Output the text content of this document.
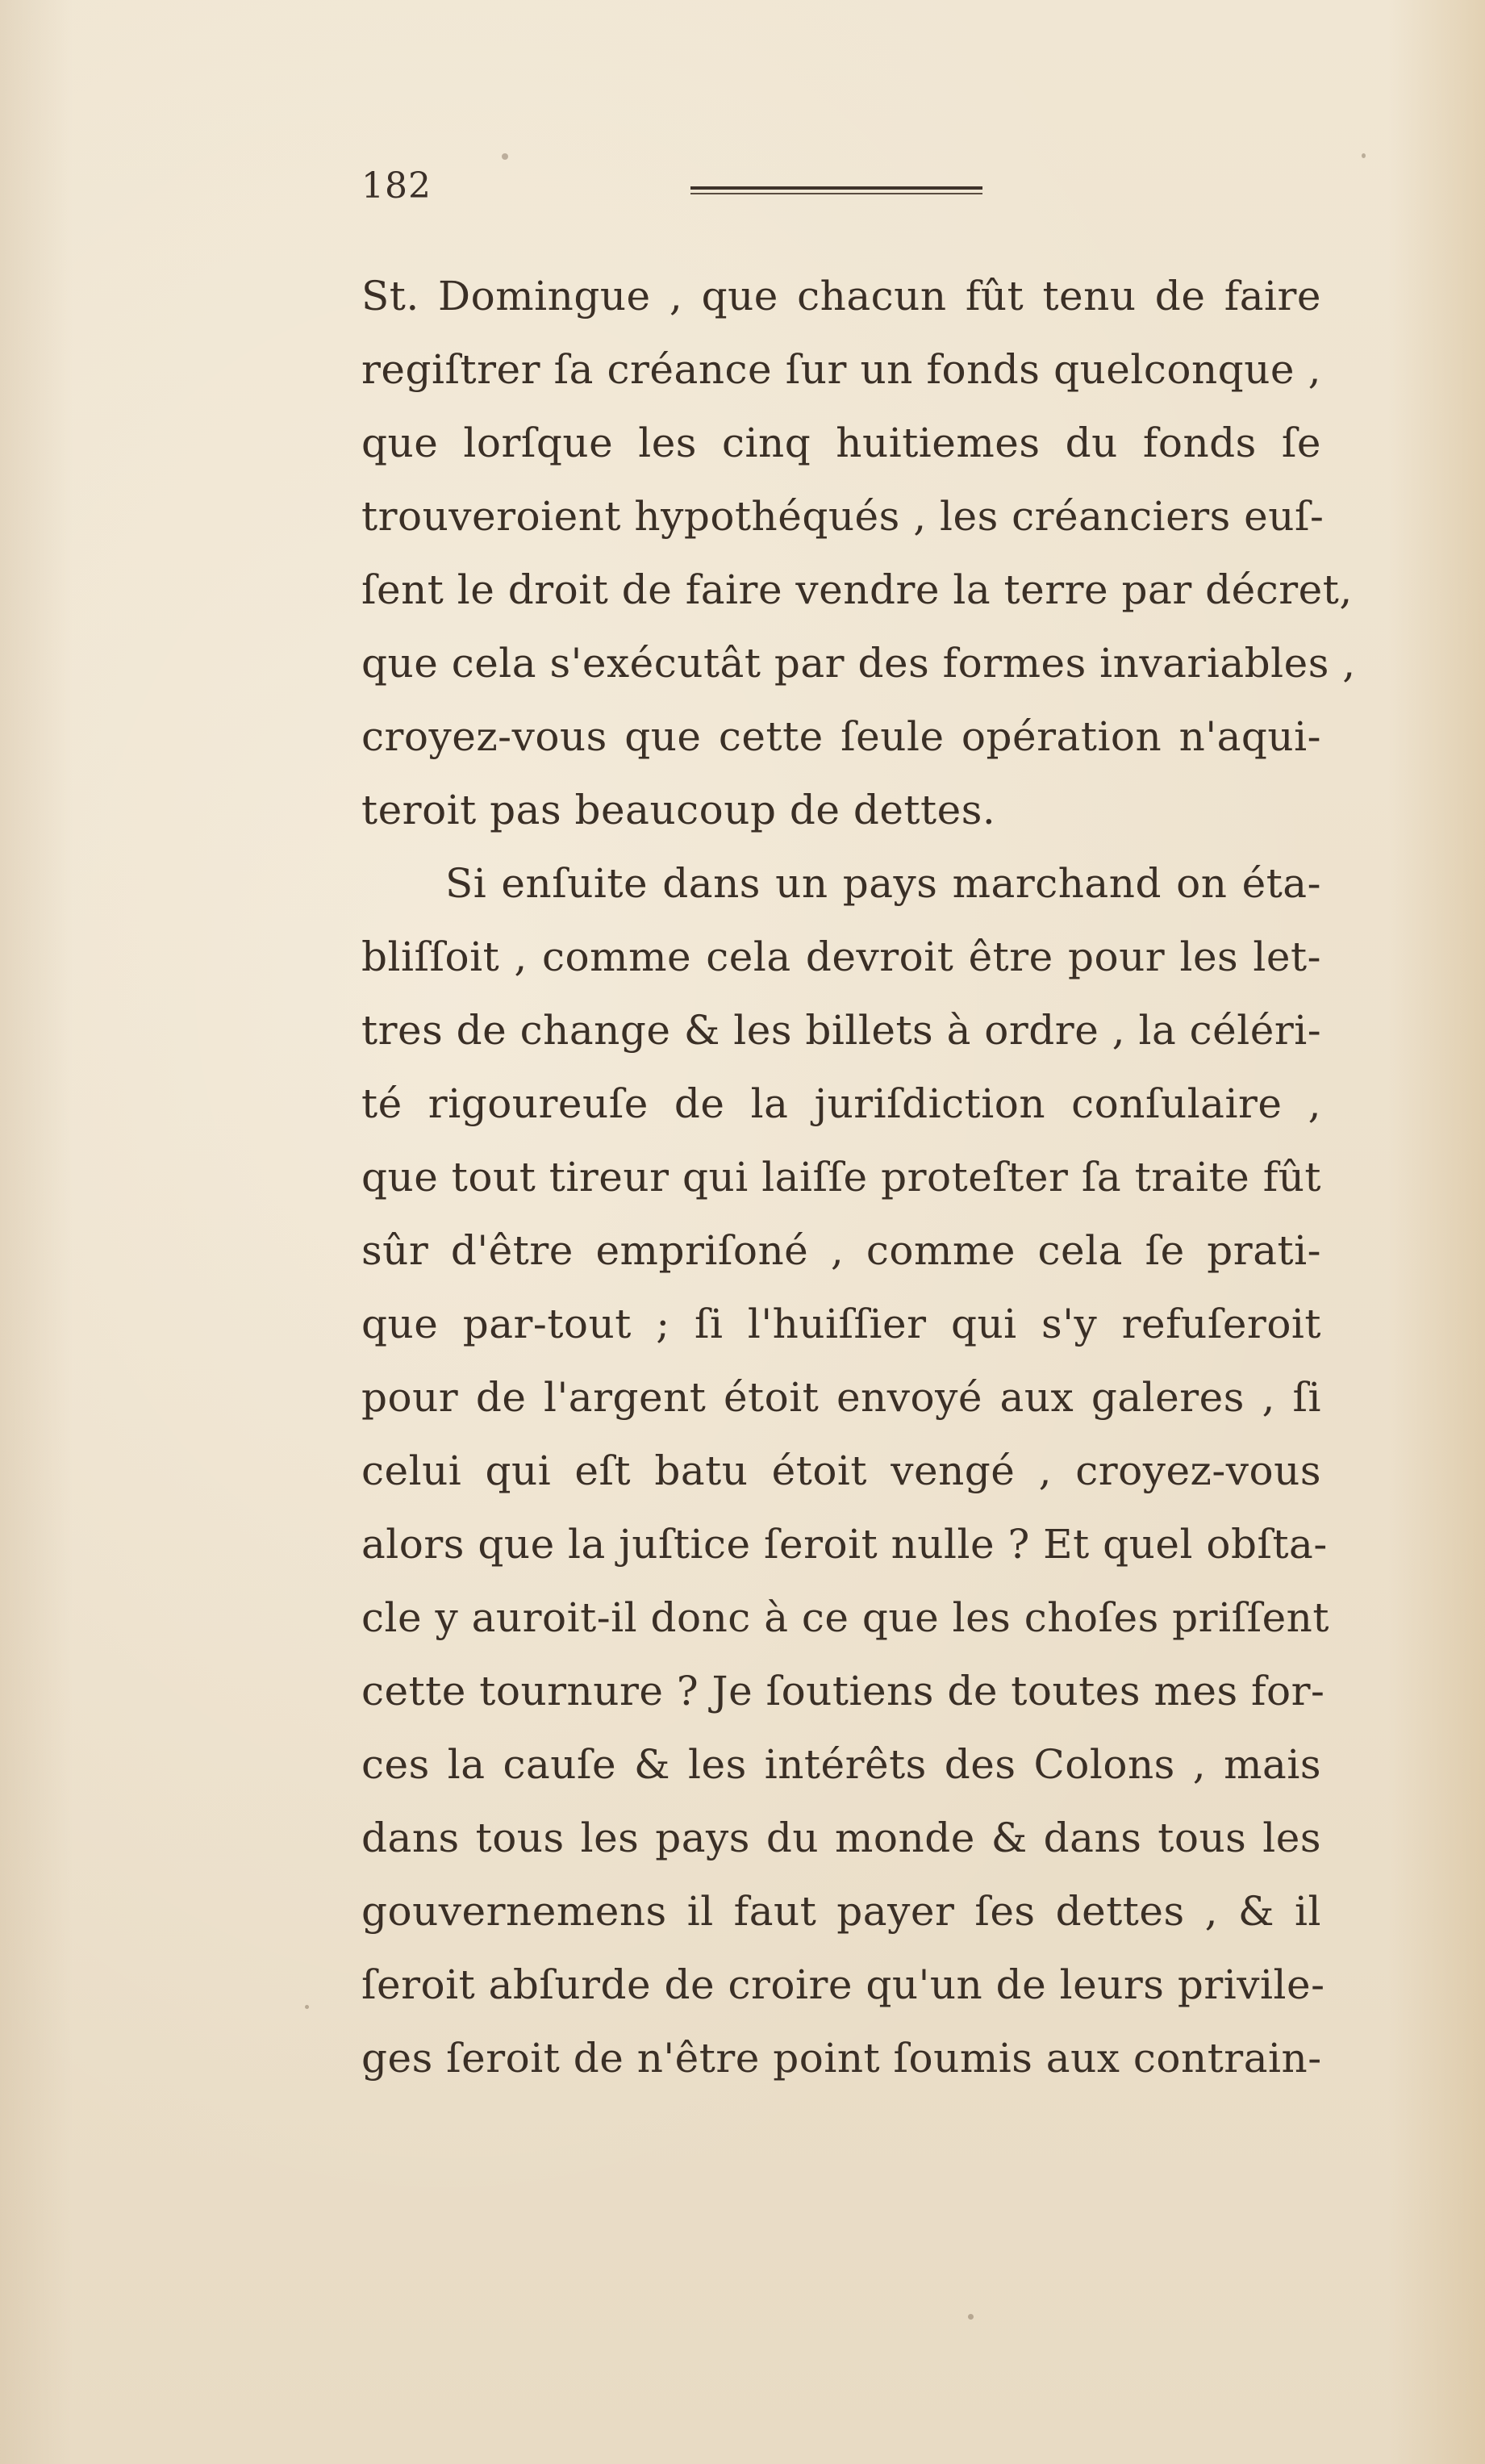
182
St. Domingue , que chacun fût tenu de faire
regiſtrer ſa créance ſur un fonds quelconque ,
que lorſque les cinq huitiemes du fonds ſe
trouveroient hypothéqués , les créanciers euſ-
ſent le droit de faire vendre la terre par décret,
que cela s'exécutât par des formes invariables ,
croyez-vous que cette ſeule opération n'aqui-
teroit pas beaucoup de dettes.
Si enſuite dans un pays marchand on éta-
bliſſoit , comme cela devroit être pour les let-
tres de change & les billets à ordre , la céléri-
té rigoureuſe de la juriſdiction conſulaire ,
que tout tireur qui laiſſe proteſter ſa traite fût
sûr d'être empriſoné , comme cela ſe prati-
que par-tout ; ſi l'huiſſier qui s'y refuſeroit
pour de l'argent étoit envoyé aux galeres , ſi
celui qui eſt batu étoit vengé , croyez-vous
alors que la juſtice ſeroit nulle ? Et quel obſta-
cle y auroit-il donc à ce que les choſes priſſent
cette tournure ? Je ſoutiens de toutes mes for-
ces la cauſe & les intérêts des Colons , mais
dans tous les pays du monde & dans tous les
gouvernemens il faut payer ſes dettes , & il
ſeroit abſurde de croire qu'un de leurs privile-
ges ſeroit de n'être point ſoumis aux contrain-
